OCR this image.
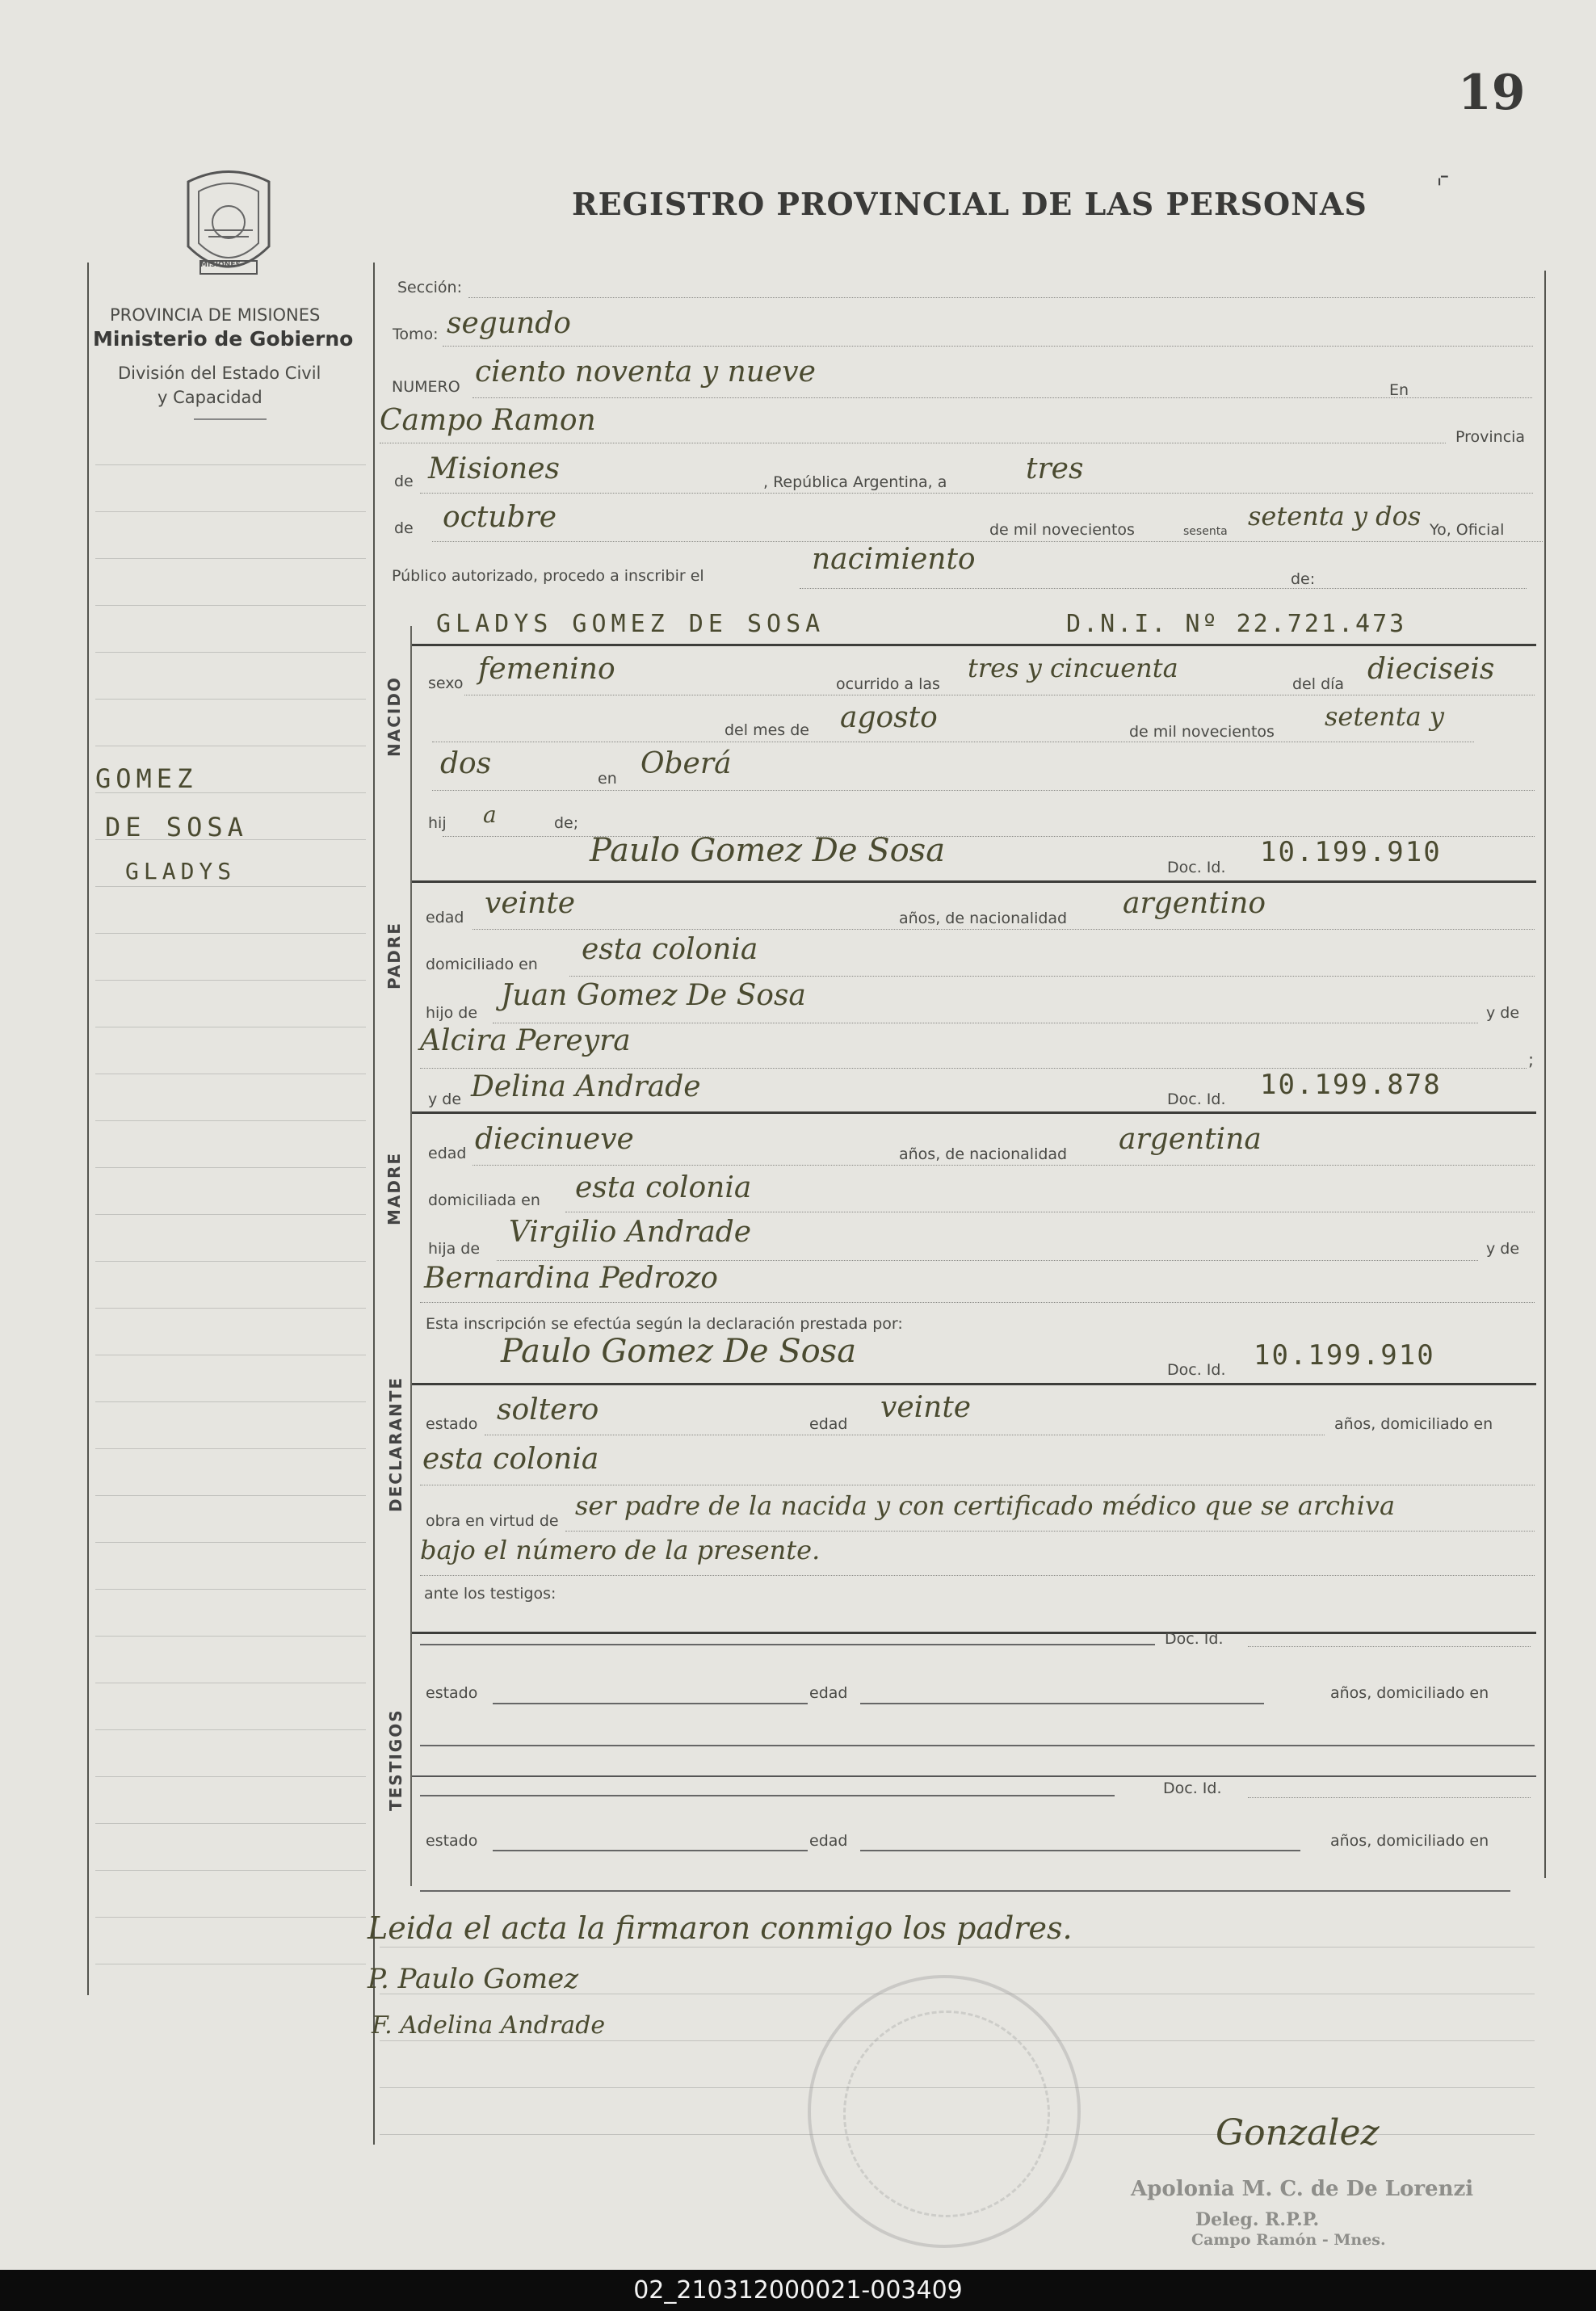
19
REGISTRO PROVINCIAL DE LAS PERSONAS
⌌
MISIONES
PROVINCIA DE MISIONES
Ministerio de Gobierno
División del Estado Civil
y Capacidad
GOMEZ
DE SOSA
GLADYS
Sección:
Tomo: segundo
NUMERO ciento noventa y nueve
En
Campo Ramon	Provincia
de Misiones	, República Argentina, a	tres
de octubre	de mil novecientos	sesenta setenta y dos Yo, Oficial
Público autorizado, procedo a inscribir el	nacimiento
de:
NACIDO
GLADYS GOMEZ DE SOSA	D.N.I. Nº 22.721.473
sexo femenino	ocurrido a las
tres y cincuenta
del día dieciseis
del mes de agosto	de mil novecientos setenta y
dos	en Oberá
hij a	de;
PADRE
Paulo Gomez De Sosa	Doc. Id. 10.199.910
edad veinte	años, de nacionalidad argentino
domiciliado en esta colonia
hijo de
Juan Gomez De Sosa
y de
Alcira Pereyra
;
MADRE
y de Delina Andrade	Doc. Id. 10.199.878
edad diecinueve	años, de nacionalidad argentina
domiciliada en esta colonia
hija de Virgilio Andrade	y de
Bernardina Pedrozo
DECLARANTE
Esta inscripción se efectúa según la declaración prestada por:
Paulo Gomez De Sosa	Doc. Id. 10.199.910
estado soltero	edad veinte	años, domiciliado en
esta colonia
obra en virtud de ser padre de la nacida y con certificado médico que se archiva
bajo el número de la presente.
ante los testigos:
TESTIGOS
Doc. Id.
estado	edad	años, domiciliado en
Doc. Id.
estado	edad	años, domiciliado en
Leida el acta la firmaron conmigo los padres.
P. Paulo Gomez
F. Adelina Andrade
Gonzalez
Apolonia M. C. de De Lorenzi
Deleg. R.P.P.
Campo Ramón - Mnes.
02_210312000021-003409
